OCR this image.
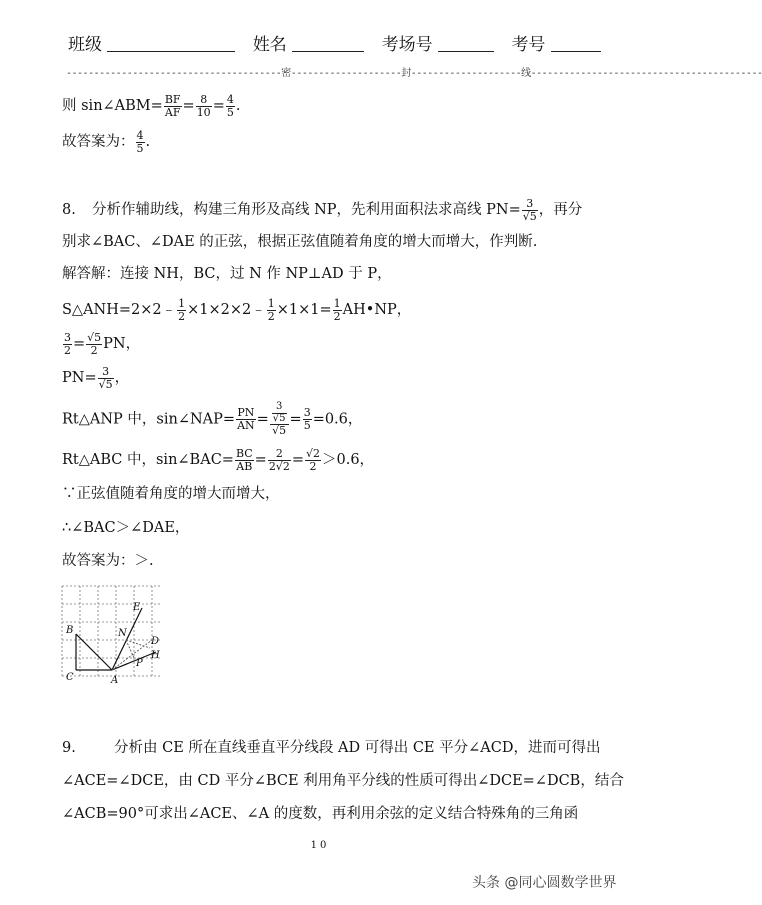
班级	姓名	考场号	考号
---------------------------------------密--------------------封--------------------线------------------------------------------
则 sin∠ABM= $\frac{BF}{AF} = \frac{8}{10} = \frac{4}{5}$ .
故答案为： $\frac{4}{5}$ .
8. 分析作辅助线，构建三角形及高线 NP，先利用面积法求高线 $PN= \frac{3}{√5}$ ，再分
别求∠BAC、∠DAE 的正弦，根据正弦值随着角度的增大而增大，作判断.
解答解：连接 NH，BC，过 N 作 NP⊥AD 于 P，
S△ANH=2×2﹣ $\frac{1}{2}$ ×1×2×2﹣ $\frac{1}{2} \times 1\times 1= \frac{1}{2}$ AH•NP，
$\frac{3}{2} = \frac{√5}{2}$ PN，
$PN= \frac{3}{√5}$ ，
Rt△ANP 中，sin∠NAP= $\frac{PN}{AN} = \frac{\frac{3}{√5}}{√5} = \frac{3}{5} =0.6$，
Rt△ABC 中，sin∠BAC= $\frac{BC}{AB} = \frac{2}{2√2} = \frac{√2}{2} >0.6$，
∵正弦值随着角度的增大而增大，
∴∠BAC＞∠DAE，
故答案为：＞.
B
C	A
E
N
D
P
H
9.	分析由 CE 所在直线垂直平分线段 AD 可得出 CE 平分∠ACD，进而可得出
∠ACE=∠DCE，由 CD 平分∠BCE 利用角平分线的性质可得出∠DCE=∠DCB，结合
∠ACB=90°可求出∠ACE、∠A 的度数，再利用余弦的定义结合特殊角的三角函
10
头条 @同心圆数学世界
